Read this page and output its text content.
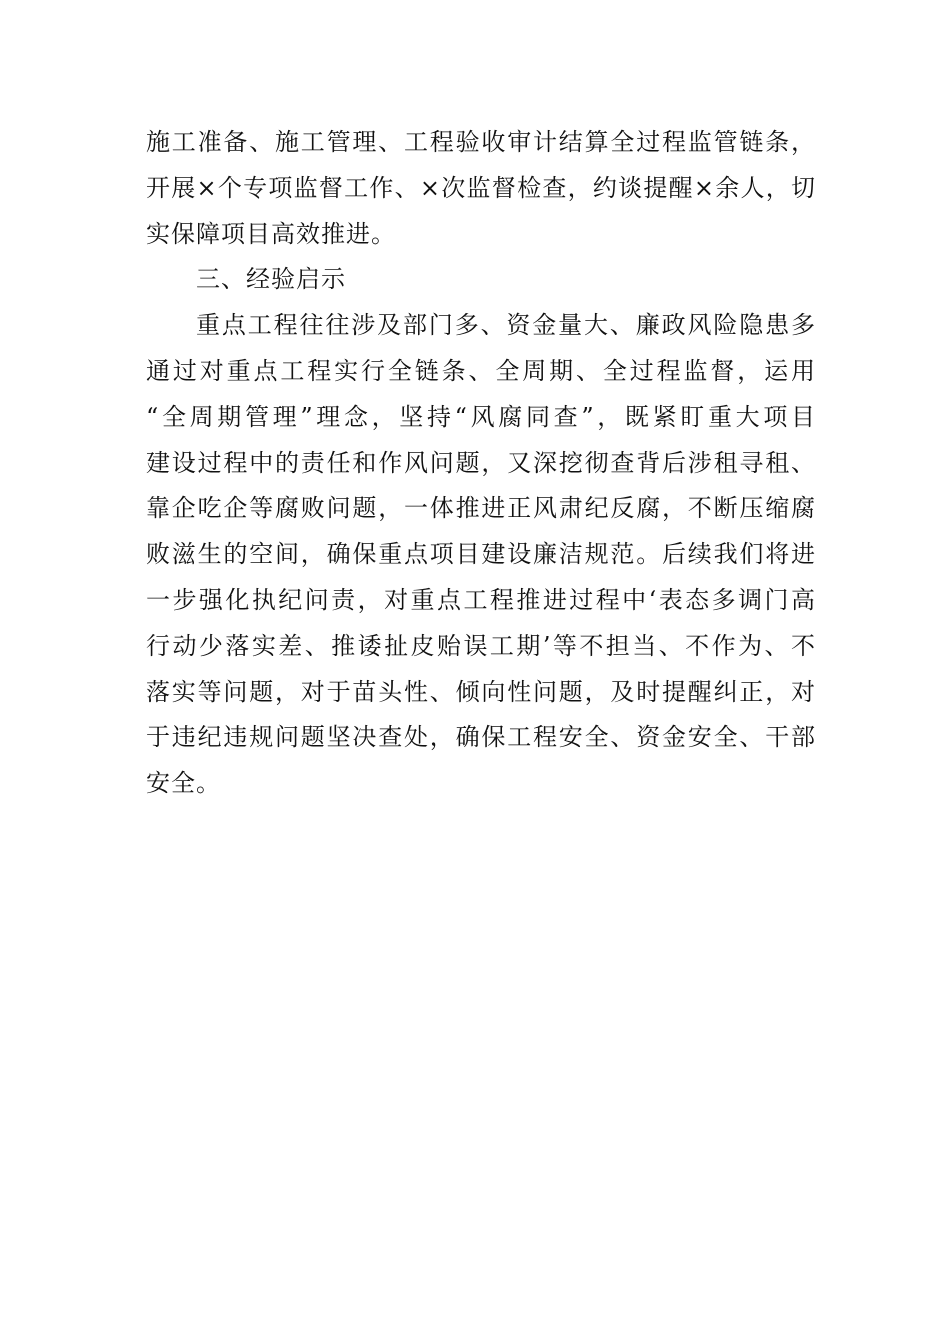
施工准备、施工管理、工程验收审计结算全过程监管链条，
开展×个专项监督工作、×次监督检查，约谈提醒×余人，切
实保障项目高效推进。
三、经验启示
重点工程往往涉及部门多、资金量大、廉政风险隐患多
通过对重点工程实行全链条、全周期、全过程监督，运用
“全周期管理”理念，坚持“风腐同查”，既紧盯重大项目
建设过程中的责任和作风问题，又深挖彻查背后涉租寻租、
靠企吃企等腐败问题，一体推进正风肃纪反腐，不断压缩腐
败滋生的空间，确保重点项目建设廉洁规范。后续我们将进
一步强化执纪问责，对重点工程推进过程中‘表态多调门高
行动少落实差、推诿扯皮贻误工期’等不担当、不作为、不
落实等问题，对于苗头性、倾向性问题，及时提醒纠正，对
于违纪违规问题坚决查处，确保工程安全、资金安全、干部
安全。
